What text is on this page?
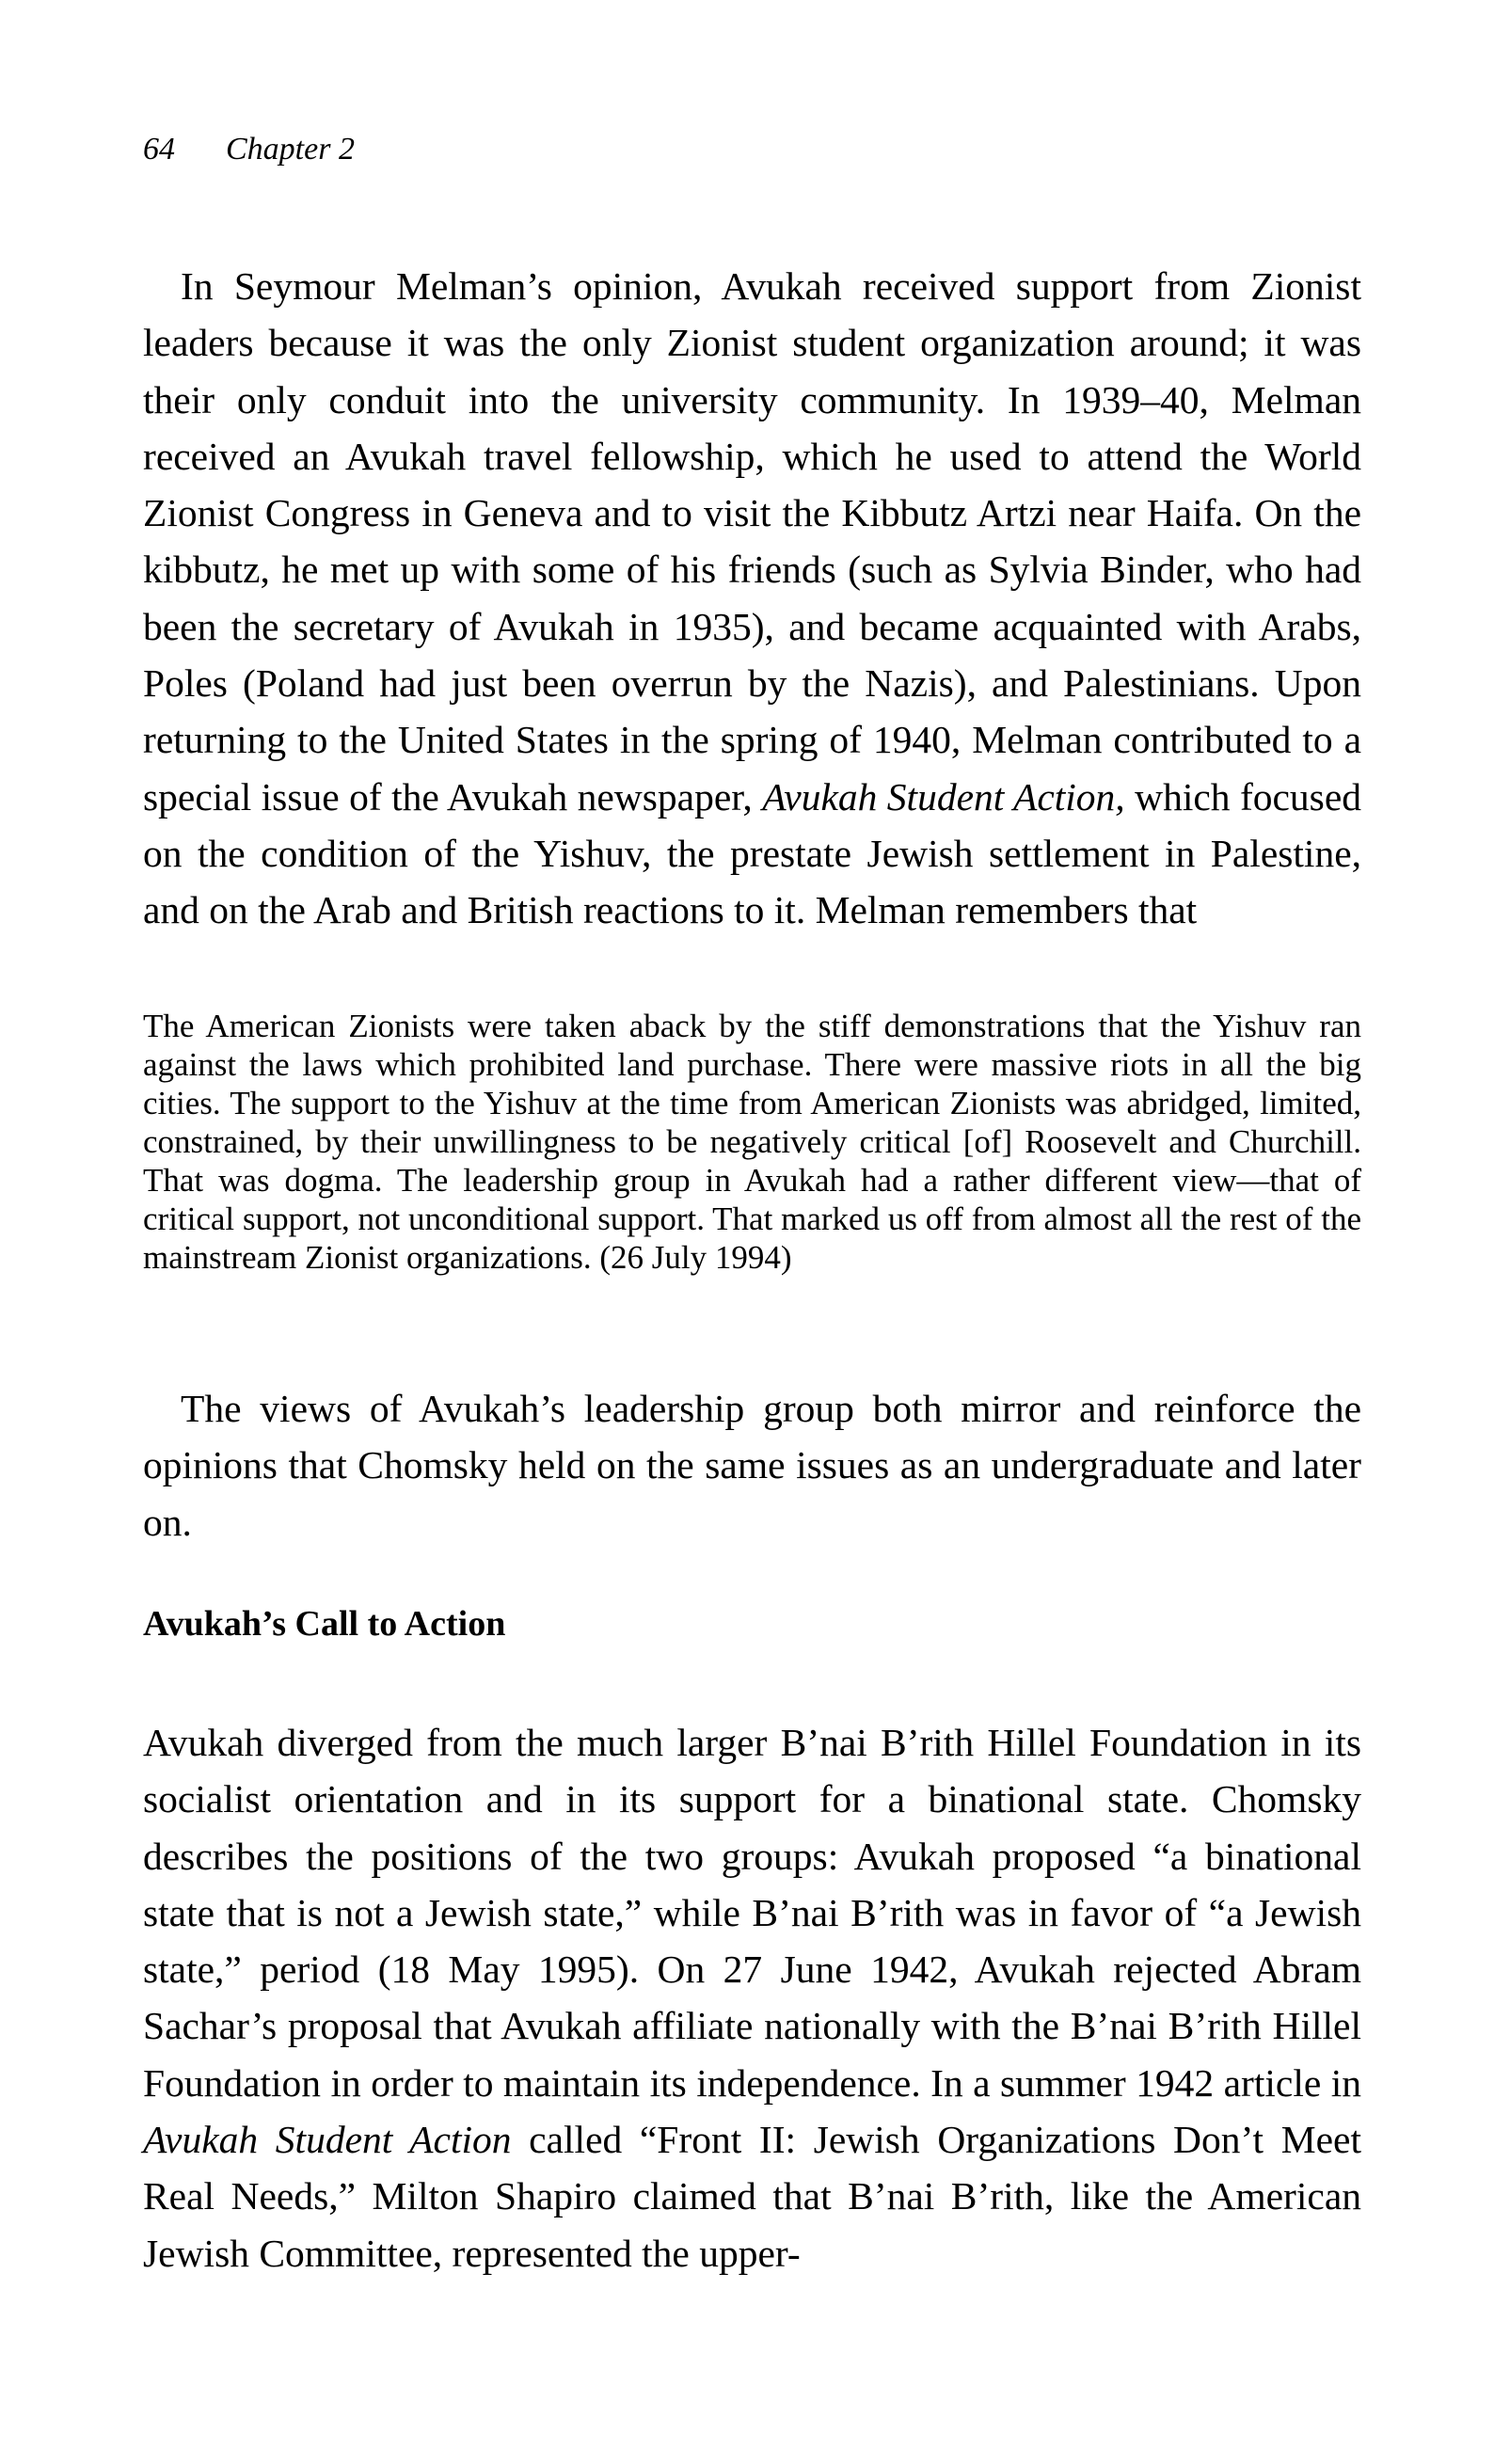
64 Chapter 2

In Seymour Melman’s opinion, Avukah received support from Zionist leaders because it was the only Zionist student organization around; it was their only conduit into the university community. In 1939–40, Melman received an Avukah travel fellowship, which he used to attend the World Zionist Congress in Geneva and to visit the Kibbutz Artzi near Haifa. On the kibbutz, he met up with some of his friends (such as Sylvia Binder, who had been the secretary of Avukah in 1935), and became acquainted with Arabs, Poles (Poland had just been overrun by the Nazis), and Palestinians. Upon returning to the United States in the spring of 1940, Melman contributed to a special issue of the Avukah newspaper, Avukah Student Action, which focused on the condition of the Yishuv, the prestate Jewish settlement in Palestine, and on the Arab and British reactions to it. Melman remembers that

The American Zionists were taken aback by the stiff demonstrations that the Yishuv ran against the laws which prohibited land purchase. There were massive riots in all the big cities. The support to the Yishuv at the time from American Zionists was abridged, limited, constrained, by their unwillingness to be negatively critical [of] Roosevelt and Churchill. That was dogma. The leadership group in Avukah had a rather different view—that of critical support, not unconditional support. That marked us off from almost all the rest of the mainstream Zionist organizations. (26 July 1994)

The views of Avukah’s leadership group both mirror and reinforce the opinions that Chomsky held on the same issues as an undergraduate and later on.

Avukah’s Call to Action

Avukah diverged from the much larger B’nai B’rith Hillel Foundation in its socialist orientation and in its support for a binational state. Chomsky describes the positions of the two groups: Avukah proposed “a binational state that is not a Jewish state,” while B’nai B’rith was in favor of “a Jewish state,” period (18 May 1995). On 27 June 1942, Avukah rejected Abram Sachar’s proposal that Avukah affiliate nationally with the B’nai B’rith Hillel Foundation in order to maintain its independence. In a summer 1942 article in Avukah Student Action called “Front II: Jewish Organizations Don’t Meet Real Needs,” Milton Shapiro claimed that B’nai B’rith, like the American Jewish Committee, represented the upper-
